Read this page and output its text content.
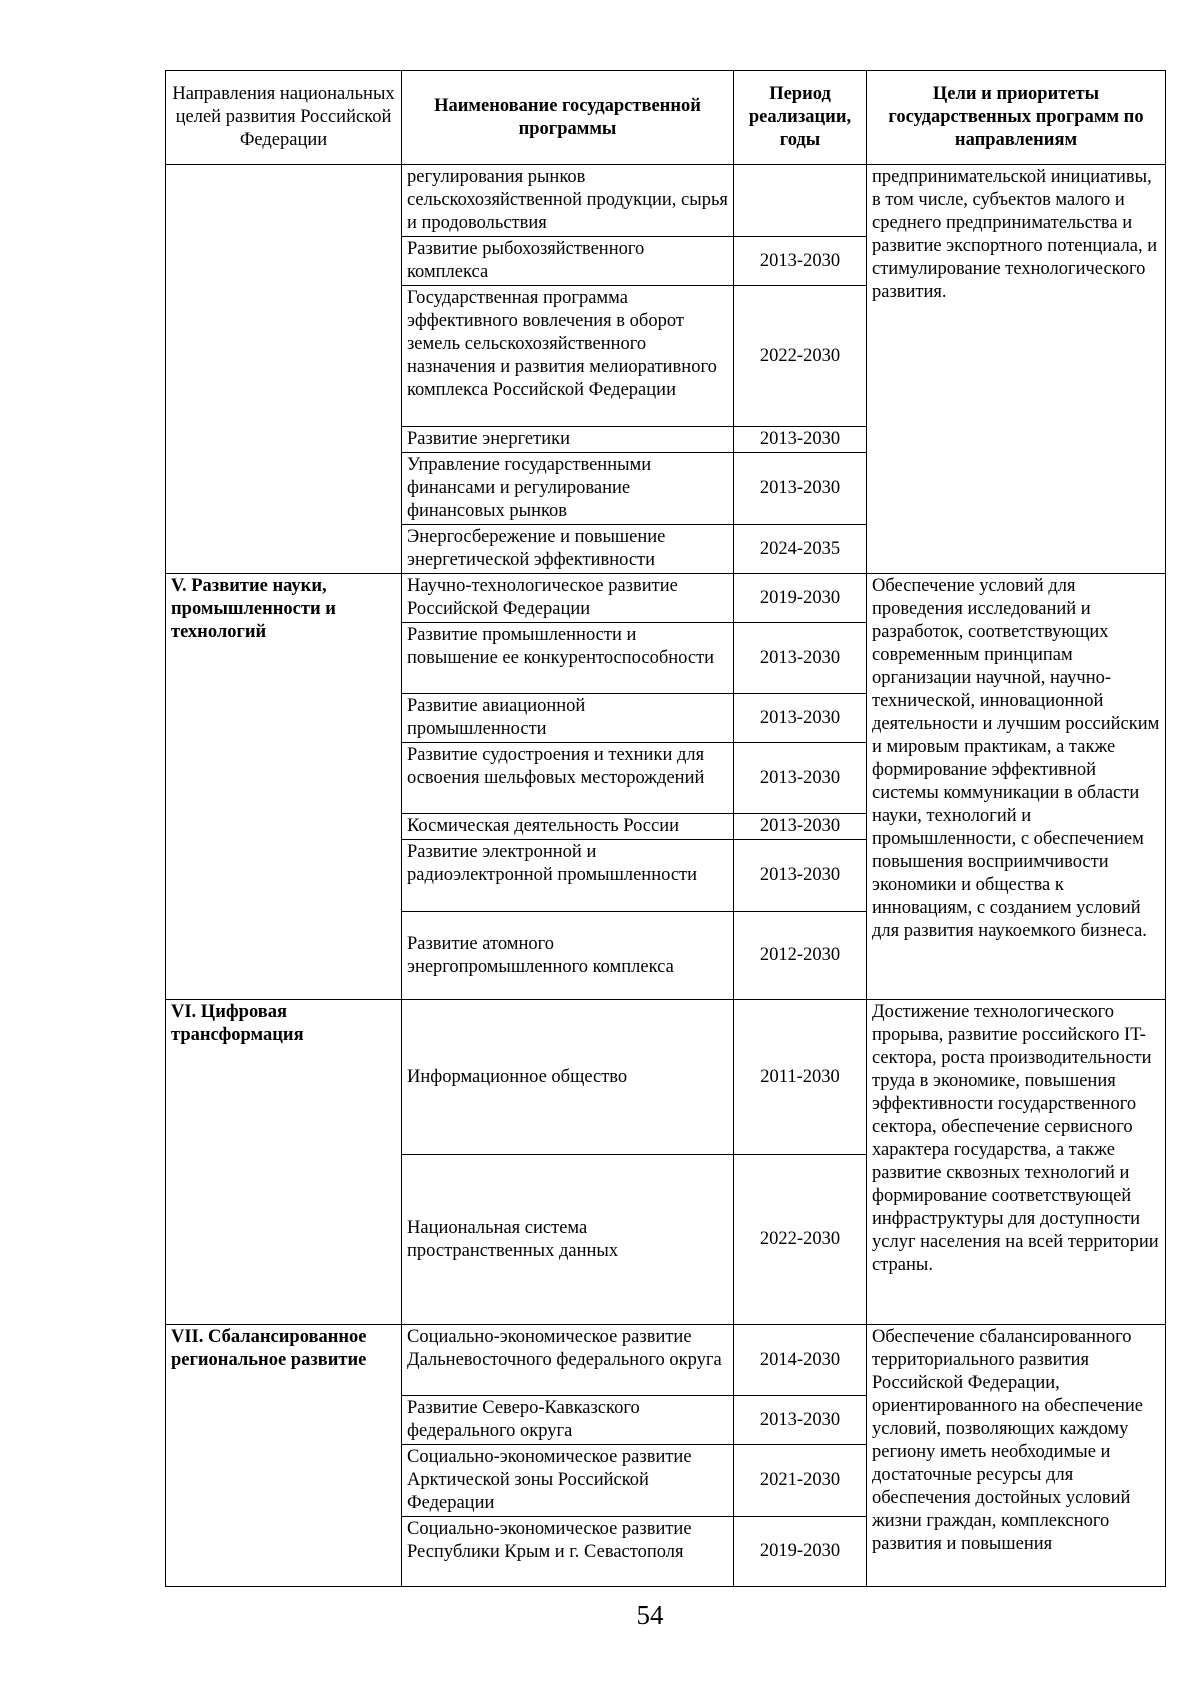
Направления национальных целей развития Российской Федерации	Наименование государственной программы	Период реализации, годы	Цели и приоритеты государственных программ по направлениям
	регулирования рынков сельскохозяйственной продукции, сырья и продовольствия		предпринимательской инициативы, в том числе, субъектов малого и среднего предпринимательства и развитие экспортного потенциала, и стимулирование технологического развития.
	Развитие рыбохозяйственного комплекса	2013-2030	
	Государственная программа эффективного вовлечения в оборот земель сельскохозяйственного назначения и развития мелиоративного комплекса Российской Федерации	2022-2030	
	Развитие энергетики	2013-2030	
	Управление государственными финансами и регулирование финансовых рынков	2013-2030	
	Энергосбережение и повышение энергетической эффективности	2024-2035	
V. Развитие науки, промышленности и технологий	Научно-технологическое развитие Российской Федерации	2019-2030	Обеспечение условий для проведения исследований и разработок, соответствующих современным принципам организации научной, научно-технической, инновационной деятельности и лучшим российским и мировым практикам, а также формирование эффективной системы коммуникации в области науки, технологий и промышленности, с обеспечением повышения восприимчивости экономики и общества к инновациям, с созданием условий для развития наукоемкого бизнеса.
	Развитие промышленности и повышение ее конкурентоспособности	2013-2030	
	Развитие авиационной промышленности	2013-2030	
	Развитие судостроения и техники для освоения шельфовых месторождений	2013-2030	
	Космическая деятельность России	2013-2030	
	Развитие электронной и радиоэлектронной промышленности	2013-2030	
	Развитие атомного энергопромышленного комплекса	2012-2030	
VI. Цифровая трансформация	Информационное общество	2011-2030	Достижение технологического прорыва, развитие российского IT-сектора, роста производительности труда в экономике, повышения эффективности государственного сектора, обеспечение сервисного характера государства, а также развитие сквозных технологий и формирование соответствующей инфраструктуры для доступности услуг населения на всей территории страны.
	Национальная система пространственных данных	2022-2030	
VII. Сбалансированное региональное развитие	Социально-экономическое развитие Дальневосточного федерального округа	2014-2030	Обеспечение сбалансированного территориального развития Российской Федерации, ориентированного на обеспечение условий, позволяющих каждому региону иметь необходимые и достаточные ресурсы для обеспечения достойных условий жизни граждан, комплексного развития и повышения
	Развитие Северо-Кавказского федерального округа	2013-2030	
	Социально-экономическое развитие Арктической зоны Российской Федерации	2021-2030	
	Социально-экономическое развитие Республики Крым и г. Севастополя	2019-2030	
54
